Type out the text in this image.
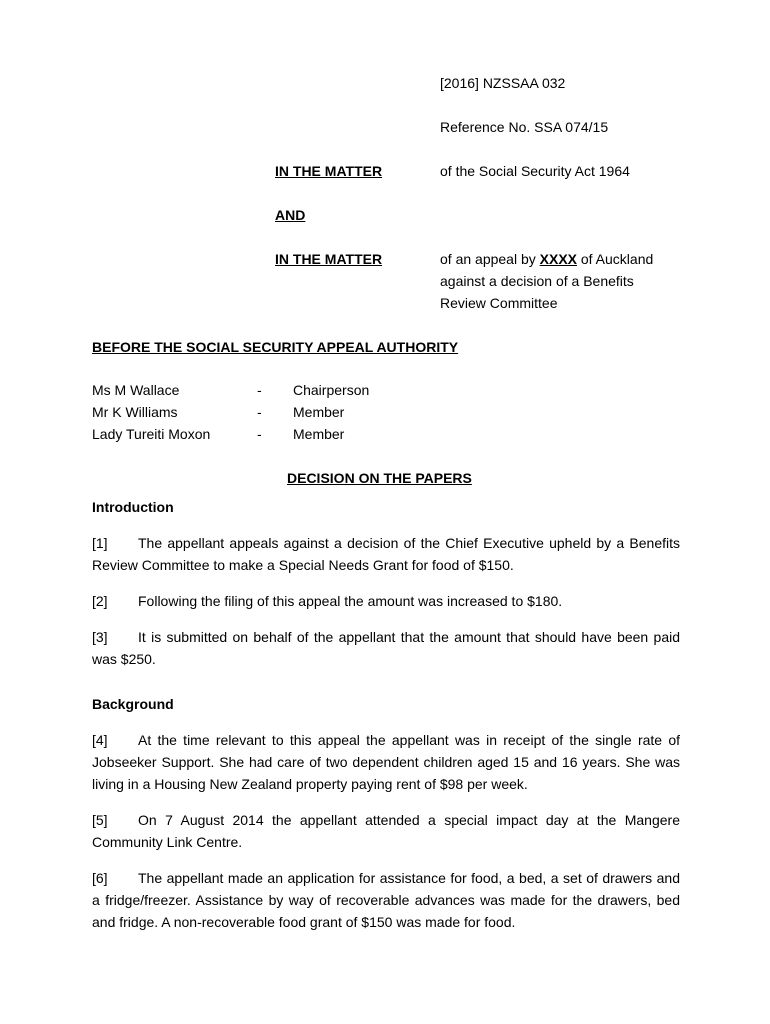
[2016] NZSSAA 032
Reference No. SSA 074/15
IN THE MATTER	of the Social Security Act 1964
AND
IN THE MATTER	of an appeal by XXXX of Auckland
against a decision of a Benefits
Review Committee
BEFORE THE SOCIAL SECURITY APPEAL AUTHORITY
Ms M Wallace	- Chairperson
Mr K Williams	- Member
Lady Tureiti Moxon	- Member
DECISION ON THE PAPERS
Introduction

[1] The appellant appeals against a decision of the Chief Executive upheld by a Benefits Review Committee to make a Special Needs Grant for food of $150.

[2] Following the filing of this appeal the amount was increased to $180.

[3] It is submitted on behalf of the appellant that the amount that should have been paid was $250.

Background

[4] At the time relevant to this appeal the appellant was in receipt of the single rate of Jobseeker Support. She had care of two dependent children aged 15 and 16 years. She was living in a Housing New Zealand property paying rent of $98 per week.

[5] On 7 August 2014 the appellant attended a special impact day at the Mangere Community Link Centre.

[6] The appellant made an application for assistance for food, a bed, a set of drawers and a fridge/freezer. Assistance by way of recoverable advances was made for the drawers, bed and fridge. A non-recoverable food grant of $150 was made for food.
